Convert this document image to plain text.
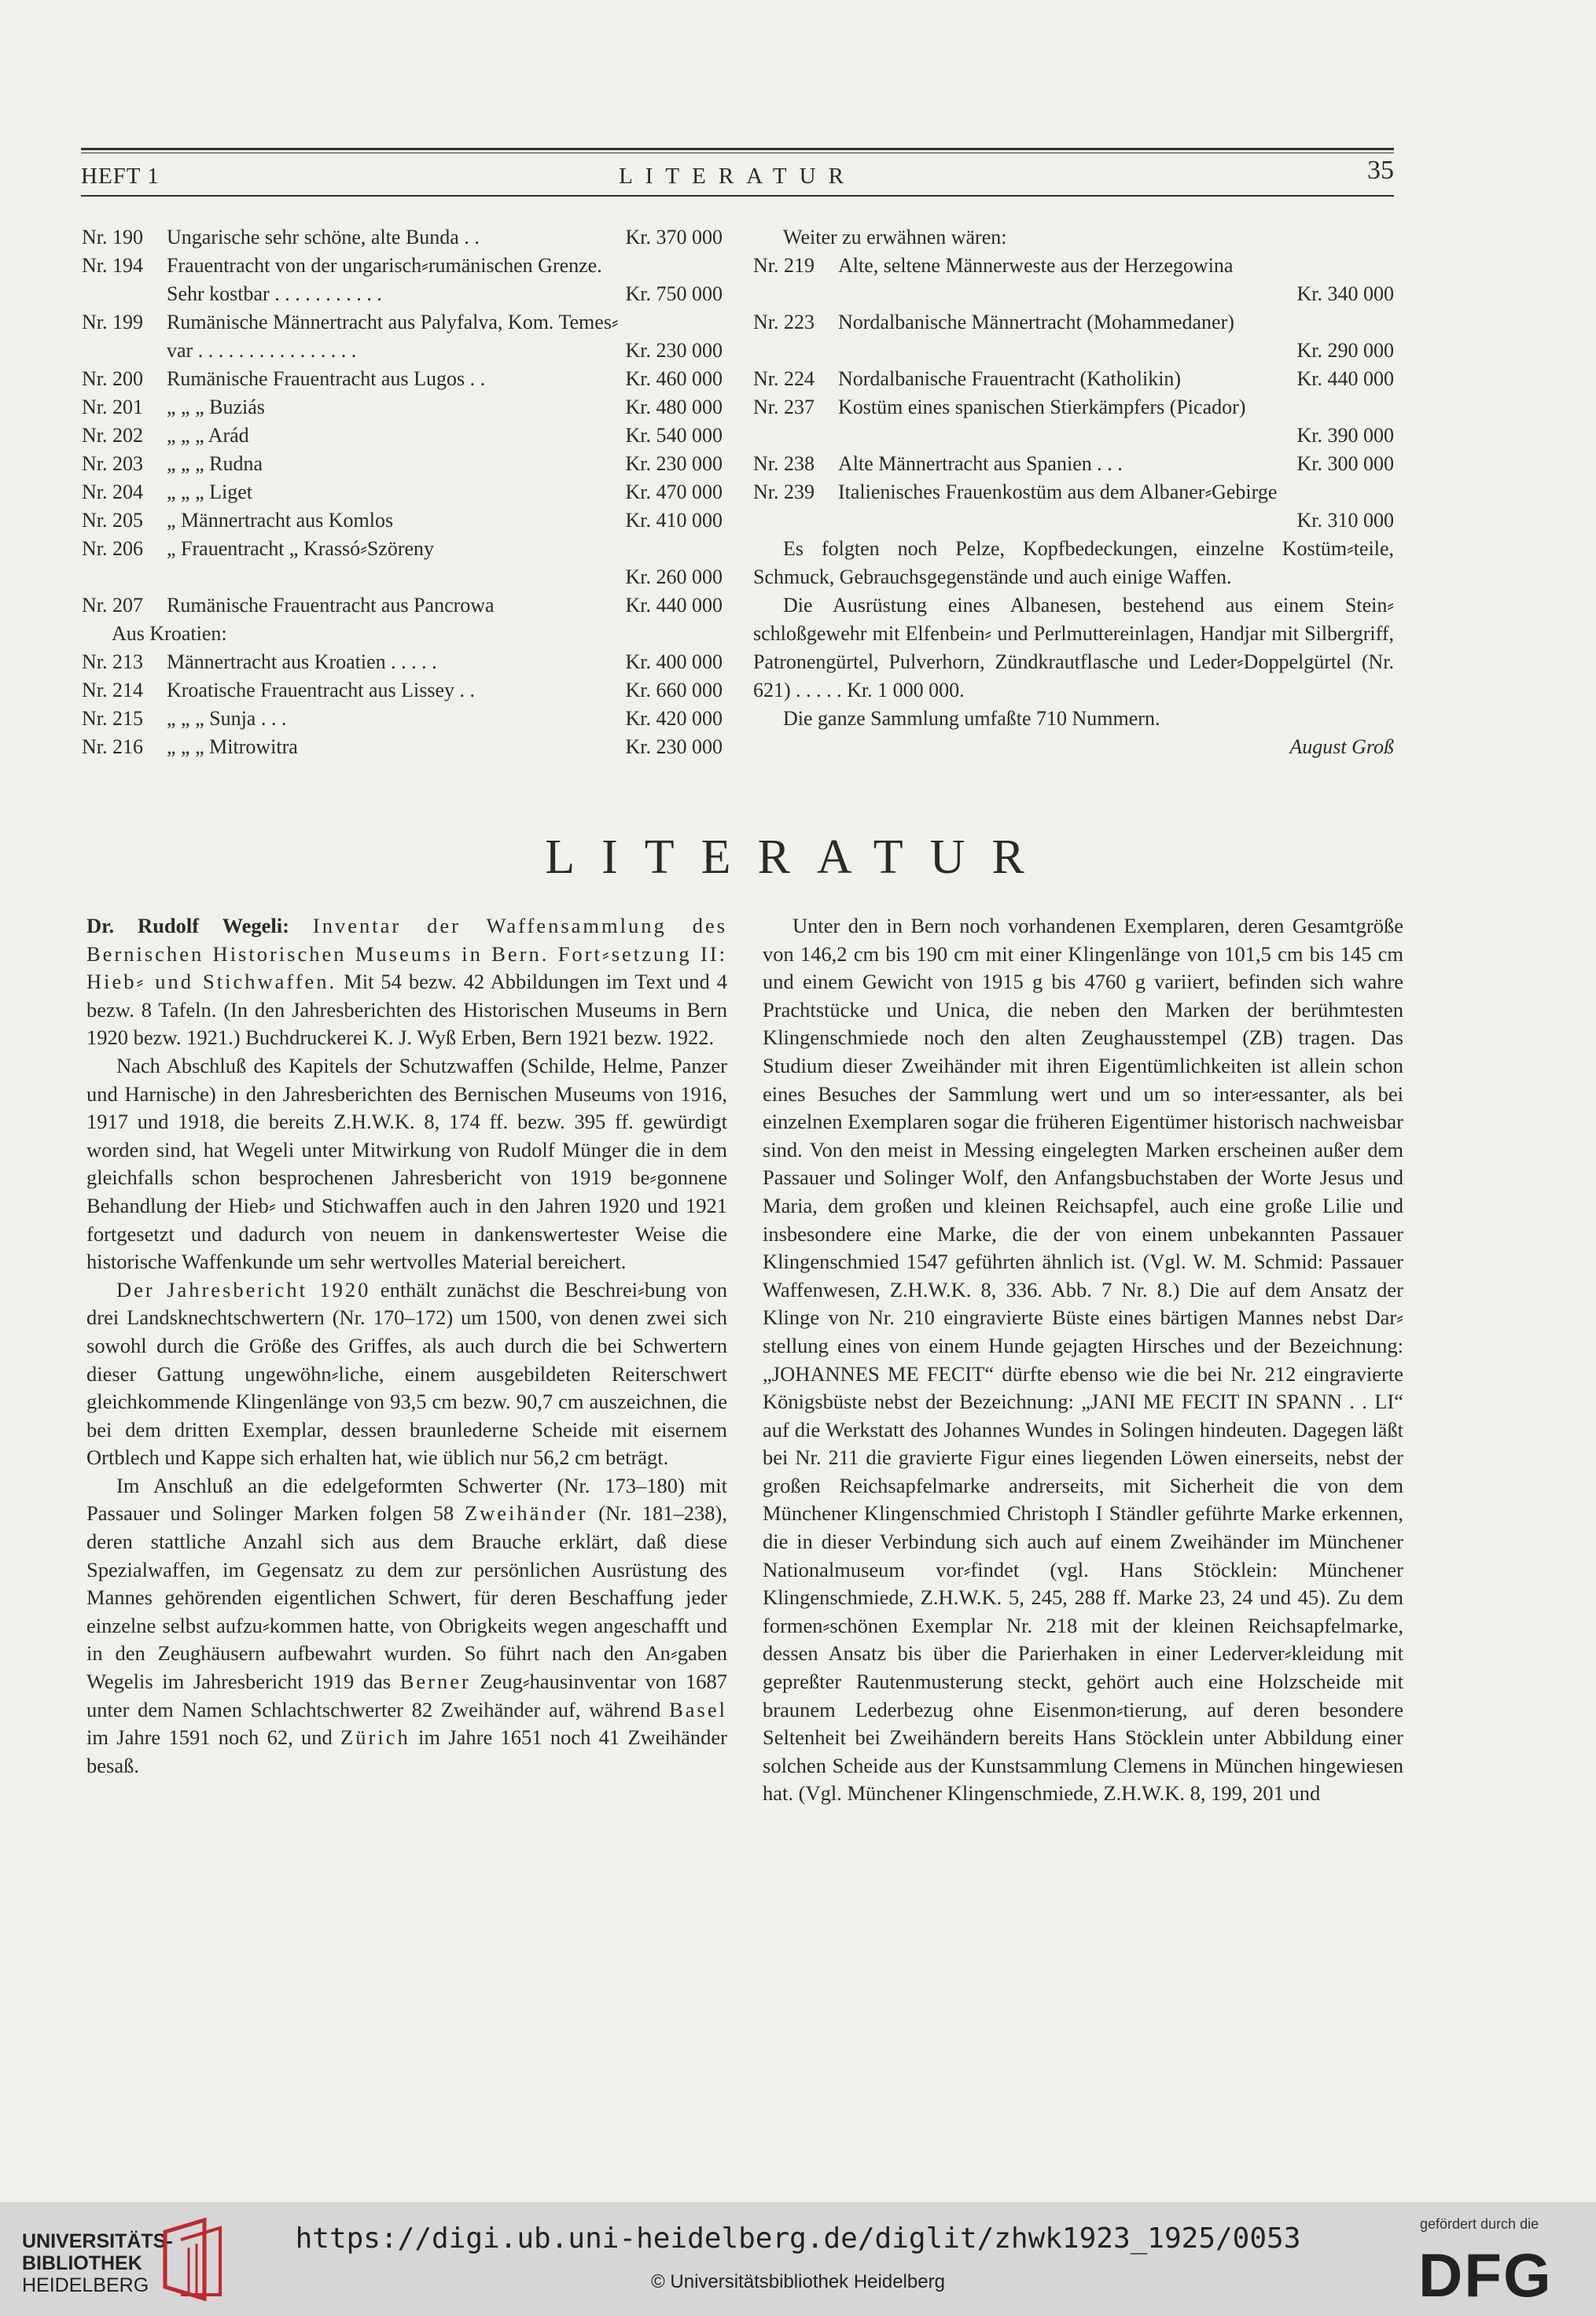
HEFT 1	LITERATUR	35
Nr. 190 Ungarische sehr schöne, alte Bunda . .	Kr. 370 000
Nr. 194 Frauentracht von der ungarisch⸗rumänischen Grenze.
Sehr kostbar . . . . . . . . . . .	Kr. 750 000
Nr. 199 Rumänische Männertracht aus Palyfalva, Kom. Temes⸗
var . . . . . . . . . . . . . . . .	Kr. 230 000
Nr. 200 Rumänische Frauentracht aus Lugos . .	Kr. 460 000
Nr. 201 „ „ „ Buziás	Kr. 480 000
Nr. 202 „ „ „ Arád	Kr. 540 000
Nr. 203 „ „ „ Rudna	Kr. 230 000
Nr. 204 „ „ „ Liget	Kr. 470 000
Nr. 205 „ Männertracht aus Komlos	Kr. 410 000
Nr. 206 „ Frauentracht „ Krassó⸗Szöreny
Kr. 260 000
Nr. 207 Rumänische Frauentracht aus Pancrowa	Kr. 440 000
Aus Kroatien:
Nr. 213 Männertracht aus Kroatien . . . . .	Kr. 400 000
Nr. 214 Kroatische Frauentracht aus Lissey . .	Kr. 660 000
Nr. 215 „ „ „ Sunja . . .	Kr. 420 000
Nr. 216 „ „ „ Mitrowitra	Kr. 230 000
Weiter zu erwähnen wären:
Nr. 219 Alte, seltene Männerweste aus der Herzegowina
Kr. 340 000
Nr. 223 Nordalbanische Männertracht (Mohammedaner)
Kr. 290 000
Nr. 224 Nordalbanische Frauentracht (Katholikin)	Kr. 440 000
Nr. 237 Kostüm eines spanischen Stierkämpfers (Picador)
Kr. 390 000
Nr. 238 Alte Männertracht aus Spanien . . .	Kr. 300 000
Nr. 239 Italienisches Frauenkostüm aus dem Albaner⸗Gebirge
Kr. 310 000

Es folgten noch Pelze, Kopfbedeckungen, einzelne Kostüm⸗teile, Schmuck, Gebrauchsgegenstände und auch einige Waffen.

Die Ausrüstung eines Albanesen, bestehend aus einem Stein⸗schloßgewehr mit Elfenbein⸗ und Perlmuttereinlagen, Handjar mit Silbergriff, Patronengürtel, Pulverhorn, Zündkrautflasche und Leder⸗Doppelgürtel (Nr. 621) . . . . . Kr. 1 000 000.

Die ganze Sammlung umfaßte 710 Nummern.

August Groß

LITERATUR

Dr. Rudolf Wegeli: Inventar der Waffensammlung des Bernischen Historischen Museums in Bern. Fort⸗setzung II: Hieb⸗ und Stichwaffen. Mit 54 bezw. 42 Abbildungen im Text und 4 bezw. 8 Tafeln. (In den Jahresberichten des Historischen Museums in Bern 1920 bezw. 1921.) Buchdruckerei K. J. Wyß Erben, Bern 1921 bezw. 1922.

Nach Abschluß des Kapitels der Schutzwaffen (Schilde, Helme, Panzer und Harnische) in den Jahresberichten des Bernischen Museums von 1916, 1917 und 1918, die bereits Z.H.W.K. 8, 174 ff. bezw. 395 ff. gewürdigt worden sind, hat Wegeli unter Mitwirkung von Rudolf Münger die in dem gleichfalls schon besprochenen Jahresbericht von 1919 be⸗gonnene Behandlung der Hieb⸗ und Stichwaffen auch in den Jahren 1920 und 1921 fortgesetzt und dadurch von neuem in dankenswertester Weise die historische Waffenkunde um sehr wertvolles Material bereichert.

Der Jahresbericht 1920 enthält zunächst die Beschrei⸗bung von drei Landsknechtschwertern (Nr. 170–172) um 1500, von denen zwei sich sowohl durch die Größe des Griffes, als auch durch die bei Schwertern dieser Gattung ungewöhn⸗liche, einem ausgebildeten Reiterschwert gleichkommende Klingenlänge von 93,5 cm bezw. 90,7 cm auszeichnen, die bei dem dritten Exemplar, dessen braunlederne Scheide mit eisernem Ortblech und Kappe sich erhalten hat, wie üblich nur 56,2 cm beträgt.

Im Anschluß an die edelgeformten Schwerter (Nr. 173–180) mit Passauer und Solinger Marken folgen 58 Zweihänder (Nr. 181–238), deren stattliche Anzahl sich aus dem Brauche erklärt, daß diese Spezialwaffen, im Gegensatz zu dem zur persönlichen Ausrüstung des Mannes gehörenden eigentlichen Schwert, für deren Beschaffung jeder einzelne selbst aufzu⸗kommen hatte, von Obrigkeits wegen angeschafft und in den Zeughäusern aufbewahrt wurden. So führt nach den An⸗gaben Wegelis im Jahresbericht 1919 das Berner Zeug⸗hausinventar von 1687 unter dem Namen Schlachtschwerter 82 Zweihänder auf, während Basel im Jahre 1591 noch 62, und Zürich im Jahre 1651 noch 41 Zweihänder besaß.

Unter den in Bern noch vorhandenen Exemplaren, deren Gesamtgröße von 146,2 cm bis 190 cm mit einer Klingenlänge von 101,5 cm bis 145 cm und einem Gewicht von 1915 g bis 4760 g variiert, befinden sich wahre Prachtstücke und Unica, die neben den Marken der berühmtesten Klingenschmiede noch den alten Zeughausstempel (ZB) tragen. Das Studium dieser Zweihänder mit ihren Eigentümlichkeiten ist allein schon eines Besuches der Sammlung wert und um so inter⸗essanter, als bei einzelnen Exemplaren sogar die früheren Eigentümer historisch nachweisbar sind. Von den meist in Messing eingelegten Marken erscheinen außer dem Passauer und Solinger Wolf, den Anfangsbuchstaben der Worte Jesus und Maria, dem großen und kleinen Reichsapfel, auch eine große Lilie und insbesondere eine Marke, die der von einem unbekannten Passauer Klingenschmied 1547 geführten ähnlich ist. (Vgl. W. M. Schmid: Passauer Waffenwesen, Z.H.W.K. 8, 336. Abb. 7 Nr. 8.) Die auf dem Ansatz der Klinge von Nr. 210 eingravierte Büste eines bärtigen Mannes nebst Dar⸗stellung eines von einem Hunde gejagten Hirsches und der Bezeichnung: „JOHANNES ME FECIT“ dürfte ebenso wie die bei Nr. 212 eingravierte Königsbüste nebst der Bezeichnung: „JANI ME FECIT IN SPANN . . LI“ auf die Werkstatt des Johannes Wundes in Solingen hindeuten. Dagegen läßt bei Nr. 211 die gravierte Figur eines liegenden Löwen einerseits, nebst der großen Reichsapfelmarke andrerseits, mit Sicherheit die von dem Münchener Klingenschmied Christoph I Ständler geführte Marke erkennen, die in dieser Verbindung sich auch auf einem Zweihänder im Münchener Nationalmuseum vor⸗findet (vgl. Hans Stöcklein: Münchener Klingenschmiede, Z.H.W.K. 5, 245, 288 ff. Marke 23, 24 und 45). Zu dem formen⸗schönen Exemplar Nr. 218 mit der kleinen Reichsapfelmarke, dessen Ansatz bis über die Parierhaken in einer Lederver⸗kleidung mit gepreßter Rautenmusterung steckt, gehört auch eine Holzscheide mit braunem Lederbezug ohne Eisenmon⸗tierung, auf deren besondere Seltenheit bei Zweihändern bereits Hans Stöcklein unter Abbildung einer solchen Scheide aus der Kunstsammlung Clemens in München hingewiesen hat. (Vgl. Münchener Klingenschmiede, Z.H.W.K. 8, 199, 201 und

UNIVERSITÄTS-
BIBLIOTHEK
HEIDELBERG
https://digi.ub.uni-heidelberg.de/diglit/zhwk1923_1925/0053
© Universitätsbibliothek Heidelberg
gefördert durch die
DFG
